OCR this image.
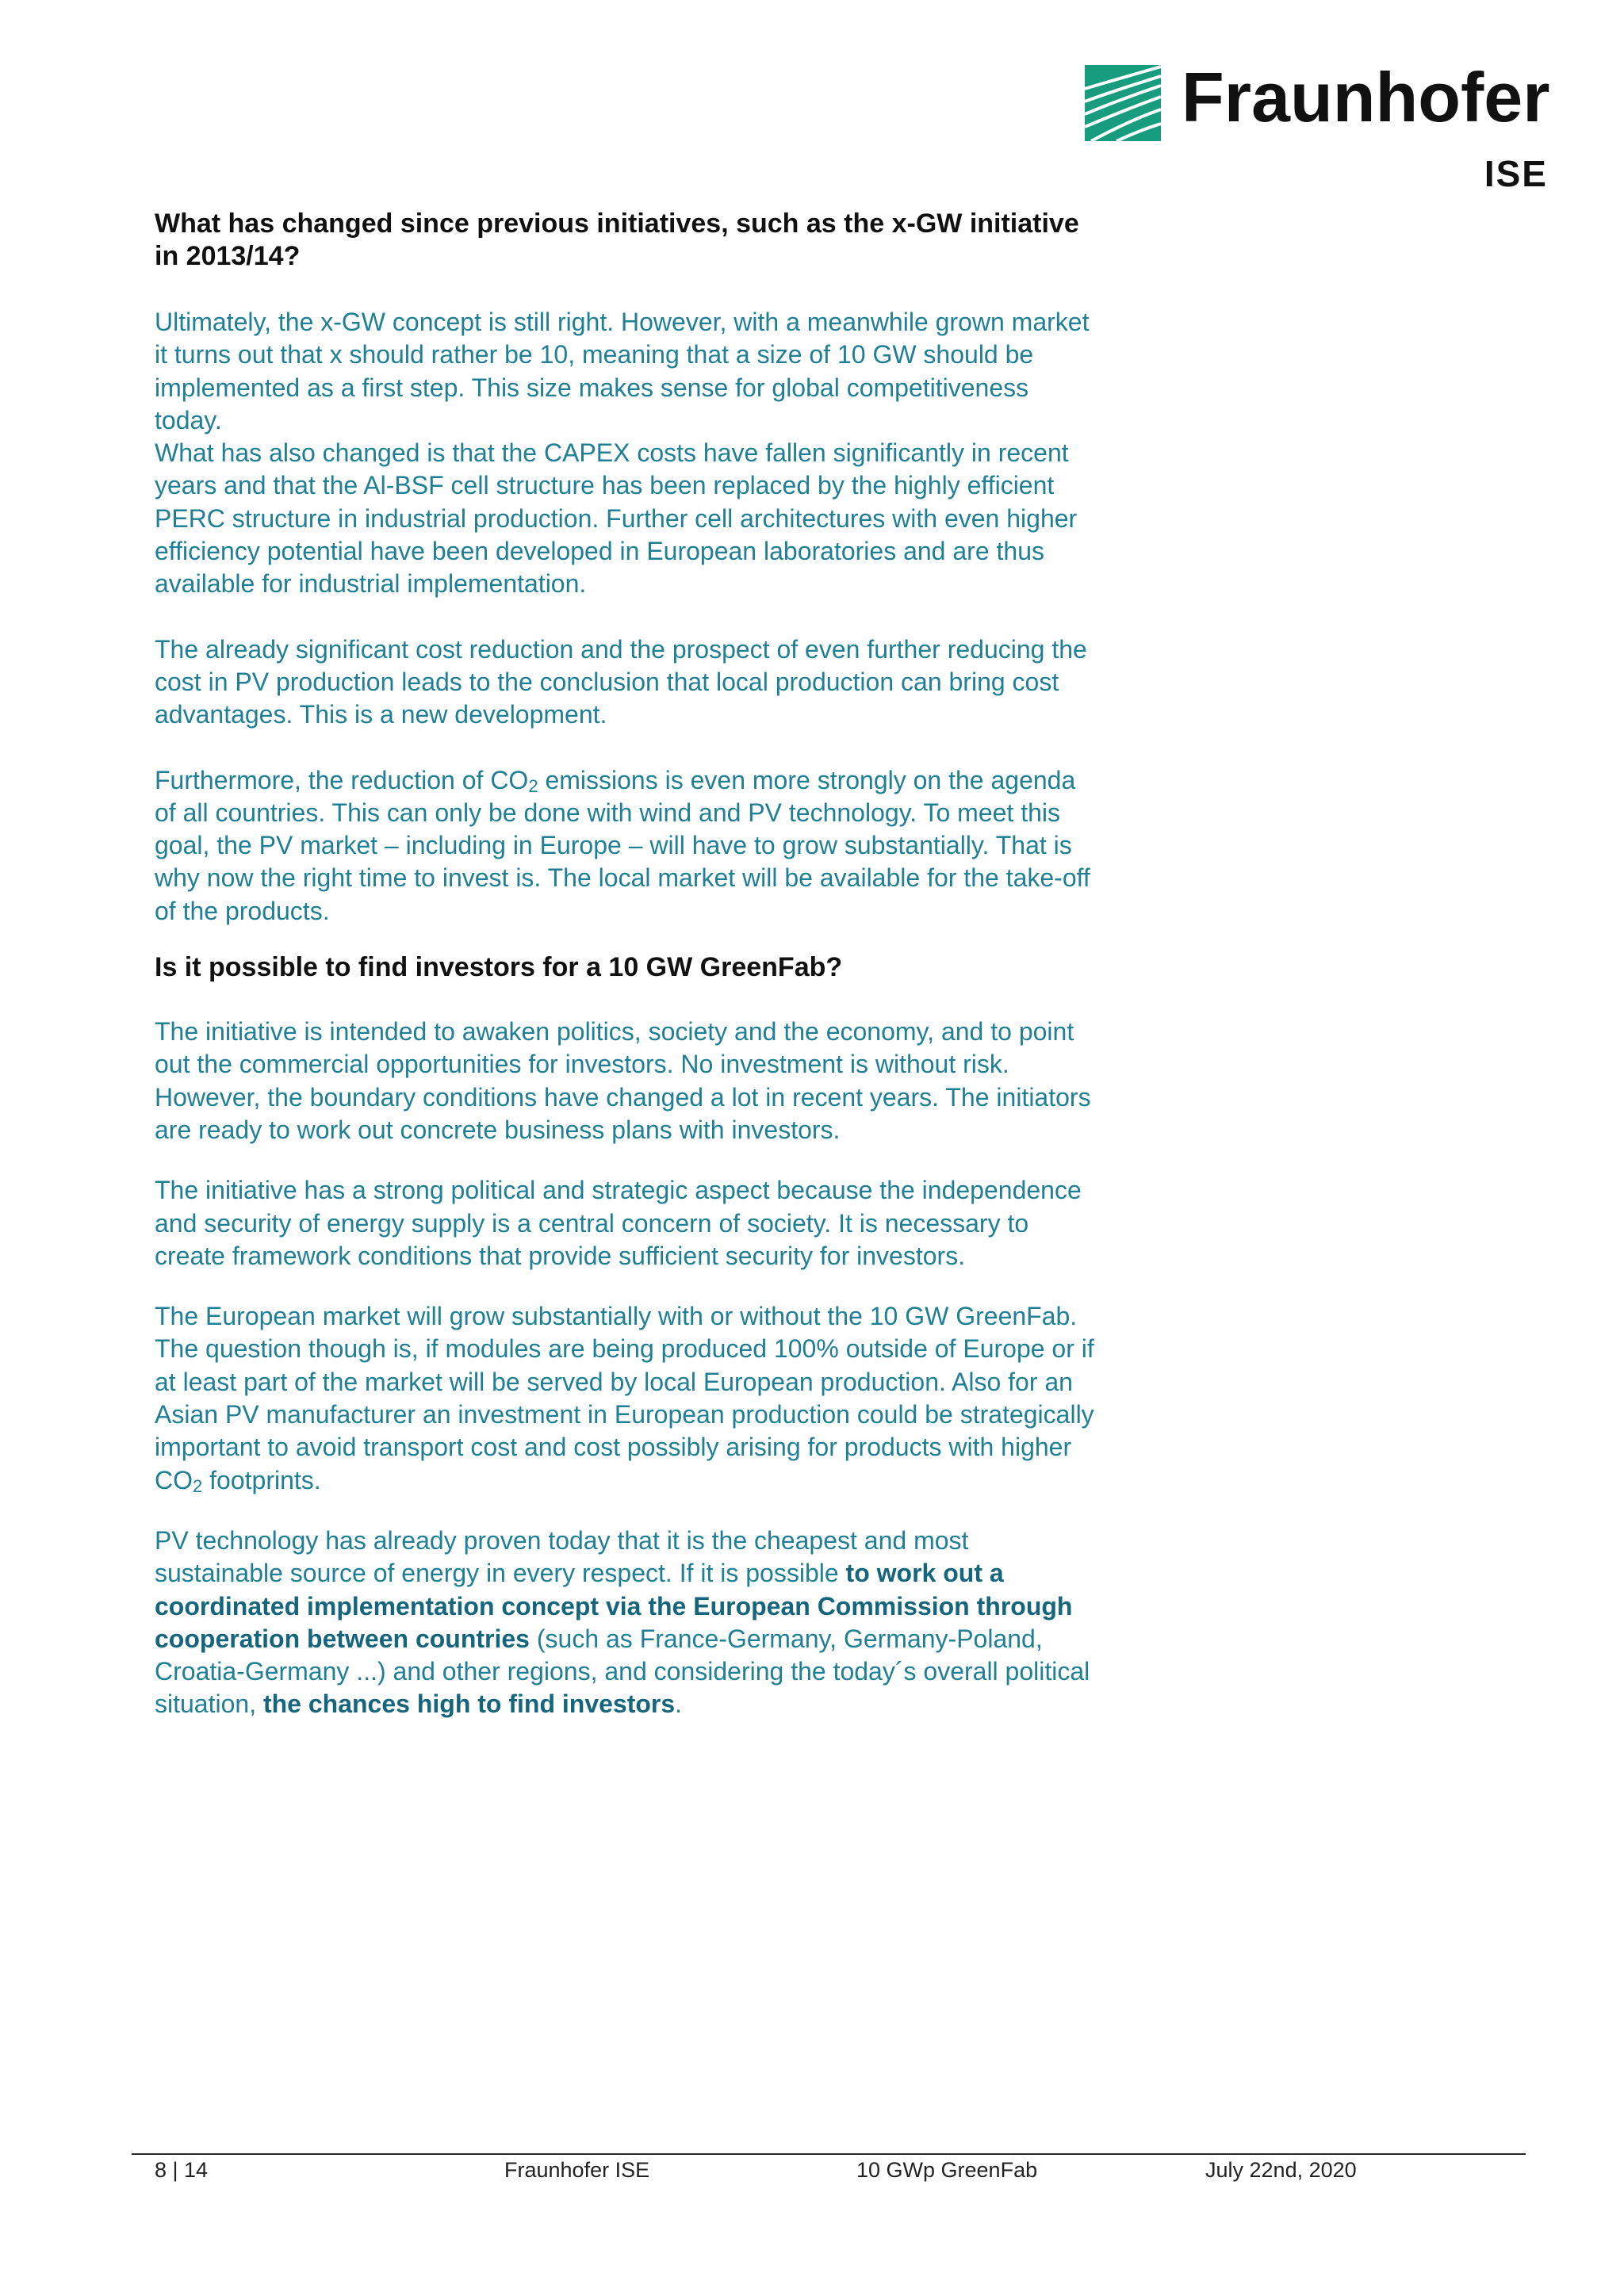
Fraunhofer
ISE
What has changed since previous initiatives, such as the x-GW initiative in 2013/14?

Ultimately, the x-GW concept is still right. However, with a meanwhile grown market it turns out that x should rather be 10, meaning that a size of 10 GW should be implemented as a first step. This size makes sense for global competitiveness today.

What has also changed is that the CAPEX costs have fallen significantly in recent years and that the Al-BSF cell structure has been replaced by the highly efficient PERC structure in industrial production. Further cell architectures with even higher efficiency potential have been developed in European laboratories and are thus available for industrial implementation.

The already significant cost reduction and the prospect of even further reducing the cost in PV production leads to the conclusion that local production can bring cost advantages. This is a new development.

Furthermore, the reduction of $CO_2$ emissions is even more strongly on the agenda of all countries. This can only be done with wind and PV technology. To meet this goal, the PV market – including in Europe – will have to grow substantially. That is why now the right time to invest is. The local market will be available for the take-off of the products.

Is it possible to find investors for a 10 GW GreenFab?

The initiative is intended to awaken politics, society and the economy, and to point out the commercial opportunities for investors. No investment is without risk. However, the boundary conditions have changed a lot in recent years. The initiators are ready to work out concrete business plans with investors.

The initiative has a strong political and strategic aspect because the independence and security of energy supply is a central concern of society. It is necessary to create framework conditions that provide sufficient security for investors.

The European market will grow substantially with or without the 10 GW GreenFab. The question though is, if modules are being produced 100% outside of Europe or if at least part of the market will be served by local European production. Also for an Asian PV manufacturer an investment in European production could be strategically important to avoid transport cost and cost possibly arising for products with higher $CO_2$ footprints.

PV technology has already proven today that it is the cheapest and most sustainable source of energy in every respect. If it is possible to work out a coordinated implementation concept via the European Commission through cooperation between countries (such as France-Germany, Germany-Poland, Croatia-Germany ...) and other regions, and considering the today´s overall political situation, the chances high to find investors.

8 | 14	Fraunhofer ISE	10 GWp GreenFab	July 22nd, 2020
